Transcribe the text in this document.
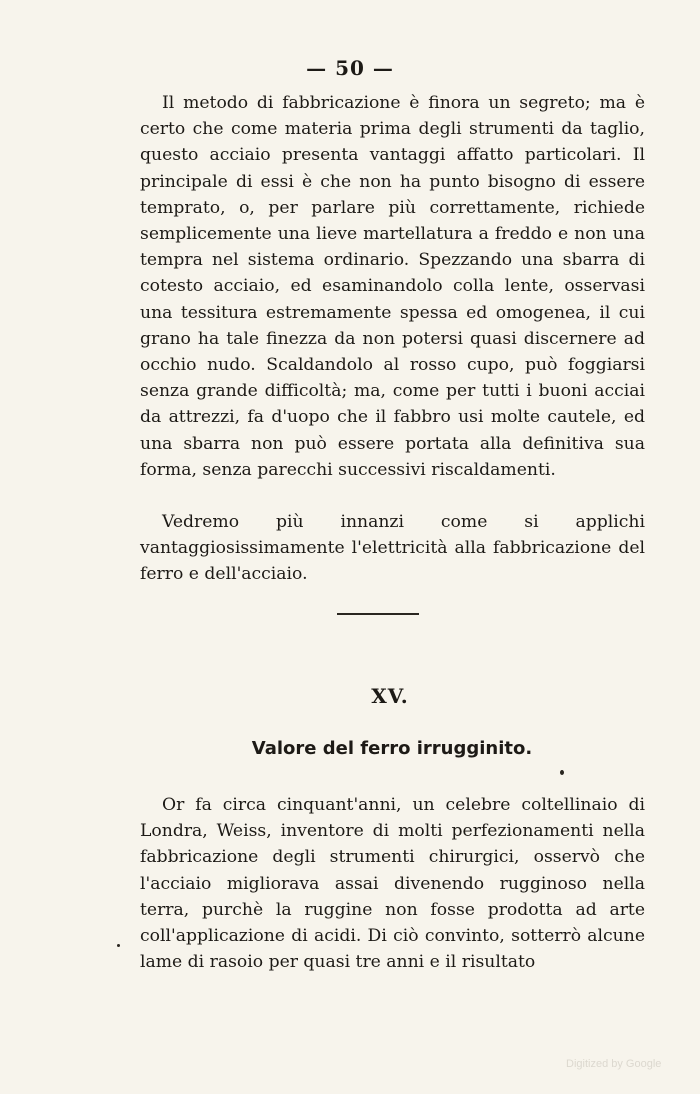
— 50 —

Il metodo di fabbricazione è finora un segreto; ma è certo che come materia prima degli strumenti da taglio, questo acciaio presenta vantaggi affatto particolari. Il principale di essi è che non ha punto bisogno di essere temprato, o, per parlare più correttamente, richiede semplicemente una lieve martellatura a freddo e non una tempra nel sistema ordinario. Spezzando una sbarra di cotesto acciaio, ed esaminandolo colla lente, osservasi una tessitura estremamente spessa ed omogenea, il cui grano ha tale finezza da non potersi quasi discernere ad occhio nudo. Scaldandolo al rosso cupo, può foggiarsi senza grande difficoltà; ma, come per tutti i buoni acciai da attrezzi, fa d'uopo che il fabbro usi molte cautele, ed una sbarra non può essere portata alla definitiva sua forma, senza parecchi successivi riscaldamenti.

Vedremo più innanzi come si applichi vantaggiosissimamente l'elettricità alla fabbricazione del ferro e dell'acciaio.

XV.
Valore del ferro irrugginito.

Or fa circa cinquant'anni, un celebre coltellinaio di Londra, Weiss, inventore di molti perfezionamenti nella fabbricazione degli strumenti chirurgici, osservò che l'acciaio migliorava assai divenendo rugginoso nella terra, purchè la ruggine non fosse prodotta ad arte coll'applicazione di acidi. Di ciò convinto, sotterrò alcune lame di rasoio per quasi tre anni e il risultato

Digitized by Google
